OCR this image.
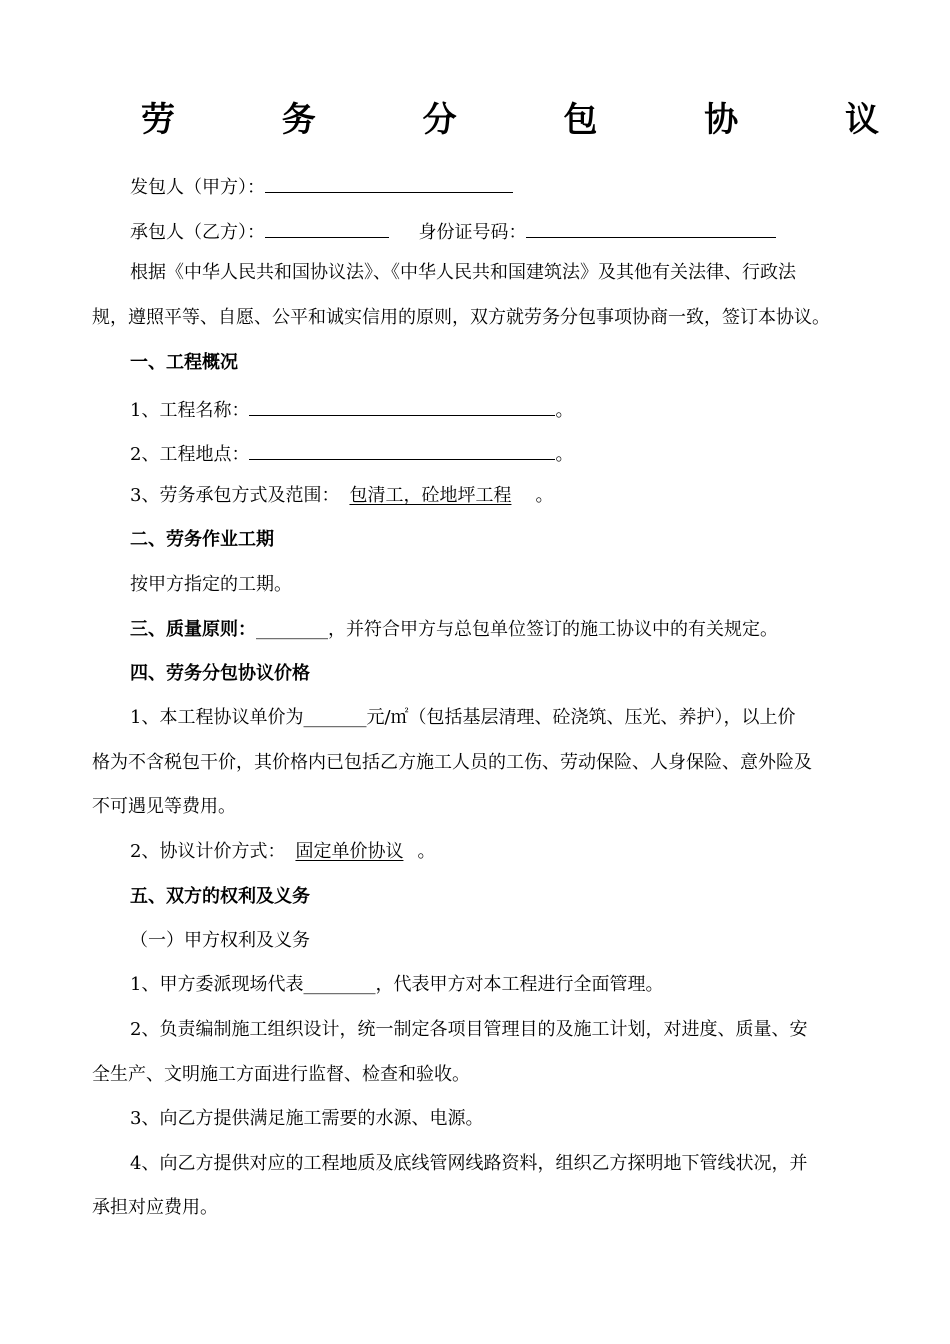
劳	务	分	包	协	议
发包人（甲方）：
承包人（乙方）：	身份证号码：
根据《中华人民共和国协议法》、《中华人民共和国建筑法》及其他有关法律、行政法
规，遵照平等、自愿、公平和诚实信用的原则，双方就劳务分包事项协商一致，签订本协议。
一、工程概况
1、工程名称：	。
2、工程地点：	。
3、劳务承包方式及范围： 包清工，砼地坪工程 。
二、劳务作业工期
按甲方指定的工期。
三、质量原则：________，并符合甲方与总包单位签订的施工协议中的有关规定。
四、劳务分包协议价格
1、本工程协议单价为_______元/㎡（包括基层清理、砼浇筑、压光、养护），以上价
格为不含税包干价，其价格内已包括乙方施工人员的工伤、劳动保险、人身保险、意外险及
不可遇见等费用。
2、协议计价方式： 固定单价协议 。
五、双方的权利及义务
（一）甲方权利及义务
1、甲方委派现场代表________，代表甲方对本工程进行全面管理。
2、负责编制施工组织设计，统一制定各项目管理目的及施工计划，对进度、质量、安
全生产、文明施工方面进行监督、检查和验收。
3、向乙方提供满足施工需要的水源、电源。
4、向乙方提供对应的工程地质及底线管网线路资料，组织乙方探明地下管线状况，并
承担对应费用。
